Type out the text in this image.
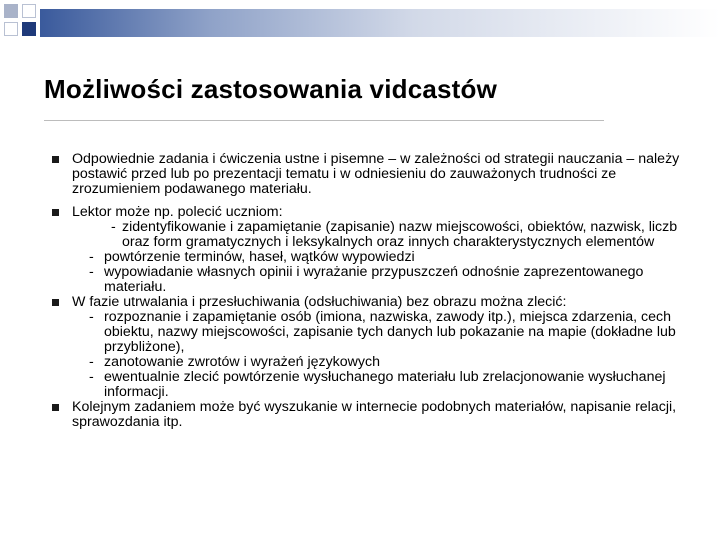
Możliwości zastosowania vidcastów
Odpowiednie zadania i ćwiczenia ustne i pisemne – w zależności od strategii nauczania – należy postawić przed lub po prezentacji tematu i w odniesieniu do zauważonych trudności ze zrozumieniem podawanego materiału.
Lektor może np. polecić uczniom:
- zidentyfikowanie i zapamiętanie (zapisanie) nazw miejscowości, obiektów, nazwisk, liczb oraz form gramatycznych i leksykalnych oraz innych charakterystycznych elementów
- powtórzenie terminów, haseł, wątków wypowiedzi
- wypowiadanie własnych opinii i wyrażanie przypuszczeń odnośnie zaprezentowanego materiału.
W fazie utrwalania i przesłuchiwania (odsłuchiwania) bez obrazu można zlecić:
- rozpoznanie i zapamiętanie osób (imiona, nazwiska, zawody itp.), miejsca zdarzenia, cech obiektu, nazwy miejscowości, zapisanie tych danych lub pokazanie na mapie (dokładne lub przybliżone),
- zanotowanie zwrotów i wyrażeń językowych
- ewentualnie zlecić powtórzenie wysłuchanego materiału lub zrelacjonowanie wysłuchanej informacji.
Kolejnym zadaniem może być wyszukanie w internecie podobnych materiałów, napisanie relacji, sprawozdania itp.
